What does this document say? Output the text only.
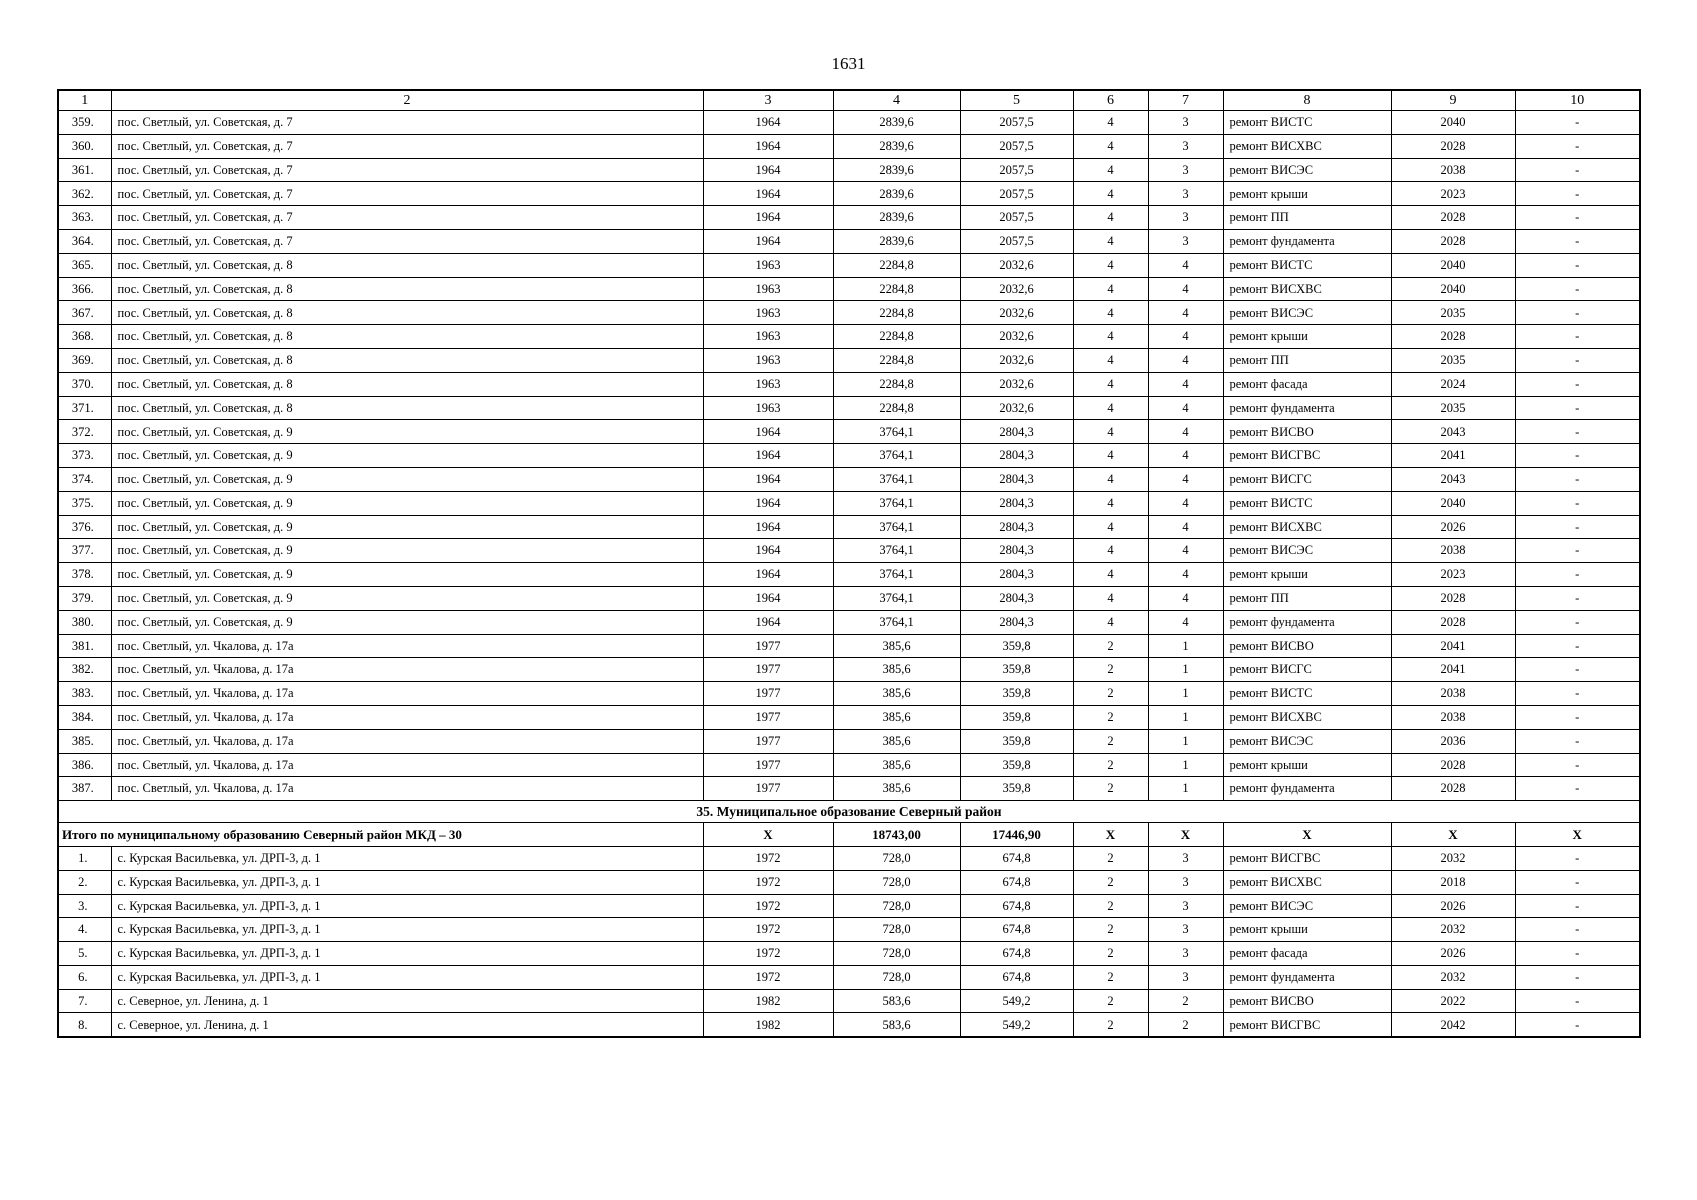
1631
1	2	3	4	5	6	7	8	9	10
359.	пос. Светлый, ул. Советская, д. 7	1964	2839,6	2057,5	4	3	ремонт ВИСТС	2040	-
360.	пос. Светлый, ул. Советская, д. 7	1964	2839,6	2057,5	4	3	ремонт ВИСХВС	2028	-
361.	пос. Светлый, ул. Советская, д. 7	1964	2839,6	2057,5	4	3	ремонт ВИСЭС	2038	-
362.	пос. Светлый, ул. Советская, д. 7	1964	2839,6	2057,5	4	3	ремонт крыши	2023	-
363.	пос. Светлый, ул. Советская, д. 7	1964	2839,6	2057,5	4	3	ремонт ПП	2028	-
364.	пос. Светлый, ул. Советская, д. 7	1964	2839,6	2057,5	4	3	ремонт фундамента	2028	-
365.	пос. Светлый, ул. Советская, д. 8	1963	2284,8	2032,6	4	4	ремонт ВИСТС	2040	-
366.	пос. Светлый, ул. Советская, д. 8	1963	2284,8	2032,6	4	4	ремонт ВИСХВС	2040	-
367.	пос. Светлый, ул. Советская, д. 8	1963	2284,8	2032,6	4	4	ремонт ВИСЭС	2035	-
368.	пос. Светлый, ул. Советская, д. 8	1963	2284,8	2032,6	4	4	ремонт крыши	2028	-
369.	пос. Светлый, ул. Советская, д. 8	1963	2284,8	2032,6	4	4	ремонт ПП	2035	-
370.	пос. Светлый, ул. Советская, д. 8	1963	2284,8	2032,6	4	4	ремонт фасада	2024	-
371.	пос. Светлый, ул. Советская, д. 8	1963	2284,8	2032,6	4	4	ремонт фундамента	2035	-
372.	пос. Светлый, ул. Советская, д. 9	1964	3764,1	2804,3	4	4	ремонт ВИСВО	2043	-
373.	пос. Светлый, ул. Советская, д. 9	1964	3764,1	2804,3	4	4	ремонт ВИСГВС	2041	-
374.	пос. Светлый, ул. Советская, д. 9	1964	3764,1	2804,3	4	4	ремонт ВИСГС	2043	-
375.	пос. Светлый, ул. Советская, д. 9	1964	3764,1	2804,3	4	4	ремонт ВИСТС	2040	-
376.	пос. Светлый, ул. Советская, д. 9	1964	3764,1	2804,3	4	4	ремонт ВИСХВС	2026	-
377.	пос. Светлый, ул. Советская, д. 9	1964	3764,1	2804,3	4	4	ремонт ВИСЭС	2038	-
378.	пос. Светлый, ул. Советская, д. 9	1964	3764,1	2804,3	4	4	ремонт крыши	2023	-
379.	пос. Светлый, ул. Советская, д. 9	1964	3764,1	2804,3	4	4	ремонт ПП	2028	-
380.	пос. Светлый, ул. Советская, д. 9	1964	3764,1	2804,3	4	4	ремонт фундамента	2028	-
381.	пос. Светлый, ул. Чкалова, д. 17а	1977	385,6	359,8	2	1	ремонт ВИСВО	2041	-
382.	пос. Светлый, ул. Чкалова, д. 17а	1977	385,6	359,8	2	1	ремонт ВИСГС	2041	-
383.	пос. Светлый, ул. Чкалова, д. 17а	1977	385,6	359,8	2	1	ремонт ВИСТС	2038	-
384.	пос. Светлый, ул. Чкалова, д. 17а	1977	385,6	359,8	2	1	ремонт ВИСХВС	2038	-
385.	пос. Светлый, ул. Чкалова, д. 17а	1977	385,6	359,8	2	1	ремонт ВИСЭС	2036	-
386.	пос. Светлый, ул. Чкалова, д. 17а	1977	385,6	359,8	2	1	ремонт крыши	2028	-
387.	пос. Светлый, ул. Чкалова, д. 17а	1977	385,6	359,8	2	1	ремонт фундамента	2028	-
35. Муниципальное образование Северный район									
Итого по муниципальному образованию Северный район МКД – 30		X	18743,00	17446,90	X	X	X	X	X
1.	с. Курская Васильевка, ул. ДРП-3, д. 1	1972	728,0	674,8	2	3	ремонт ВИСГВС	2032	-
2.	с. Курская Васильевка, ул. ДРП-3, д. 1	1972	728,0	674,8	2	3	ремонт ВИСХВС	2018	-
3.	с. Курская Васильевка, ул. ДРП-3, д. 1	1972	728,0	674,8	2	3	ремонт ВИСЭС	2026	-
4.	с. Курская Васильевка, ул. ДРП-3, д. 1	1972	728,0	674,8	2	3	ремонт крыши	2032	-
5.	с. Курская Васильевка, ул. ДРП-3, д. 1	1972	728,0	674,8	2	3	ремонт фасада	2026	-
6.	с. Курская Васильевка, ул. ДРП-3, д. 1	1972	728,0	674,8	2	3	ремонт фундамента	2032	-
7.	с. Северное, ул. Ленина, д. 1	1982	583,6	549,2	2	2	ремонт ВИСВО	2022	-
8.	с. Северное, ул. Ленина, д. 1	1982	583,6	549,2	2	2	ремонт ВИСГВС	2042	-
